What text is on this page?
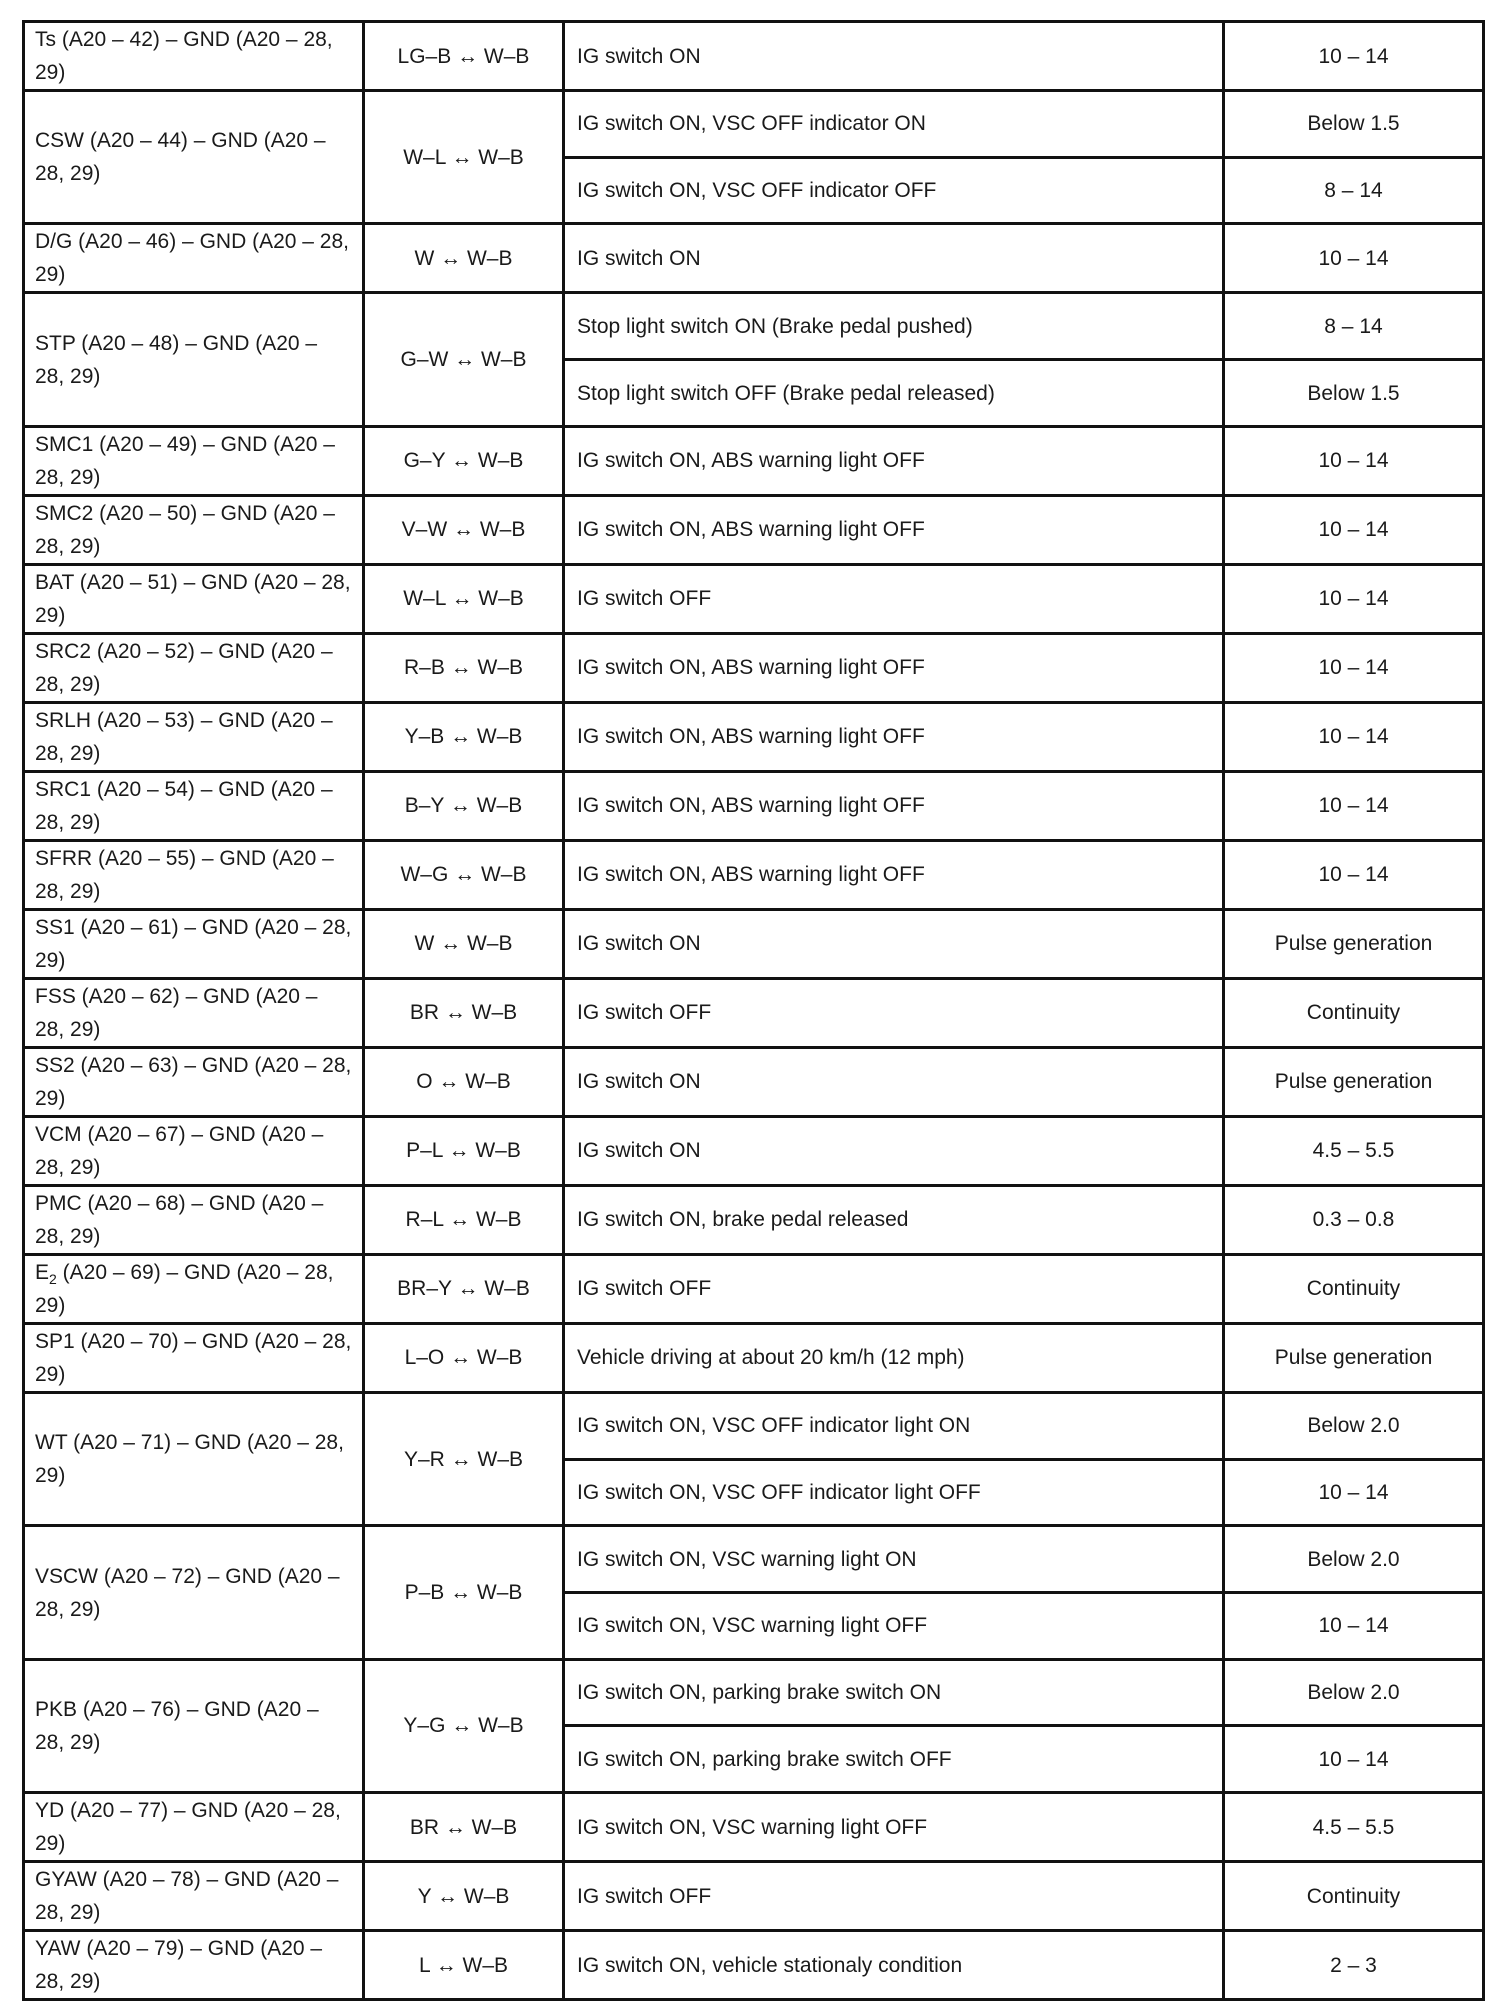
Ts (A20 – 42) – GND (A20 – 28, 29)	LG–B ↔ W–B	IG switch ON	10 – 14
CSW (A20 – 44) – GND (A20 – 28, 29)	W–L ↔ W–B	IG switch ON, VSC OFF indicator ON	Below 1.5
		IG switch ON, VSC OFF indicator OFF	8 – 14
D/G (A20 – 46) – GND (A20 – 28, 29)	W ↔ W–B	IG switch ON	10 – 14
STP (A20 – 48) – GND (A20 – 28, 29)	G–W ↔ W–B	Stop light switch ON (Brake pedal pushed)	8 – 14
		Stop light switch OFF (Brake pedal released)	Below 1.5
SMC1 (A20 – 49) – GND (A20 – 28, 29)	G–Y ↔ W–B	IG switch ON, ABS warning light OFF	10 – 14
SMC2 (A20 – 50) – GND (A20 – 28, 29)	V–W ↔ W–B	IG switch ON, ABS warning light OFF	10 – 14
BAT (A20 – 51) – GND (A20 – 28, 29)	W–L ↔ W–B	IG switch OFF	10 – 14
SRC2 (A20 – 52) – GND (A20 – 28, 29)	R–B ↔ W–B	IG switch ON, ABS warning light OFF	10 – 14
SRLH (A20 – 53) – GND (A20 – 28, 29)	Y–B ↔ W–B	IG switch ON, ABS warning light OFF	10 – 14
SRC1 (A20 – 54) – GND (A20 – 28, 29)	B–Y ↔ W–B	IG switch ON, ABS warning light OFF	10 – 14
SFRR (A20 – 55) – GND (A20 – 28, 29)	W–G ↔ W–B	IG switch ON, ABS warning light OFF	10 – 14
SS1 (A20 – 61) – GND (A20 – 28, 29)	W ↔ W–B	IG switch ON	Pulse generation
FSS (A20 – 62) – GND (A20 – 28, 29)	BR ↔ W–B	IG switch OFF	Continuity
SS2 (A20 – 63) – GND (A20 – 28, 29)	O ↔ W–B	IG switch ON	Pulse generation
VCM (A20 – 67) – GND (A20 – 28, 29)	P–L ↔ W–B	IG switch ON	4.5 – 5.5
PMC (A20 – 68) – GND (A20 – 28, 29)	R–L ↔ W–B	IG switch ON, brake pedal released	0.3 – 0.8
$E_2$ (A20 – 69) – GND (A20 – 28, 29)	BR–Y ↔ W–B	IG switch OFF	Continuity
SP1 (A20 – 70) – GND (A20 – 28, 29)	L–O ↔ W–B	Vehicle driving at about 20 km/h (12 mph)	Pulse generation
WT (A20 – 71) – GND (A20 – 28, 29)	Y–R ↔ W–B	IG switch ON, VSC OFF indicator light ON	Below 2.0
		IG switch ON, VSC OFF indicator light OFF	10 – 14
VSCW (A20 – 72) – GND (A20 – 28, 29)	P–B ↔ W–B	IG switch ON, VSC warning light ON	Below 2.0
		IG switch ON, VSC warning light OFF	10 – 14
PKB (A20 – 76) – GND (A20 – 28, 29)	Y–G ↔ W–B	IG switch ON, parking brake switch ON	Below 2.0
		IG switch ON, parking brake switch OFF	10 – 14
YD (A20 – 77) – GND (A20 – 28, 29)	BR ↔ W–B	IG switch ON, VSC warning light OFF	4.5 – 5.5
GYAW (A20 – 78) – GND (A20 – 28, 29)	Y ↔ W–B	IG switch OFF	Continuity
YAW (A20 – 79) – GND (A20 – 28, 29)	L ↔ W–B	IG switch ON, vehicle stationaly condition	2 – 3
